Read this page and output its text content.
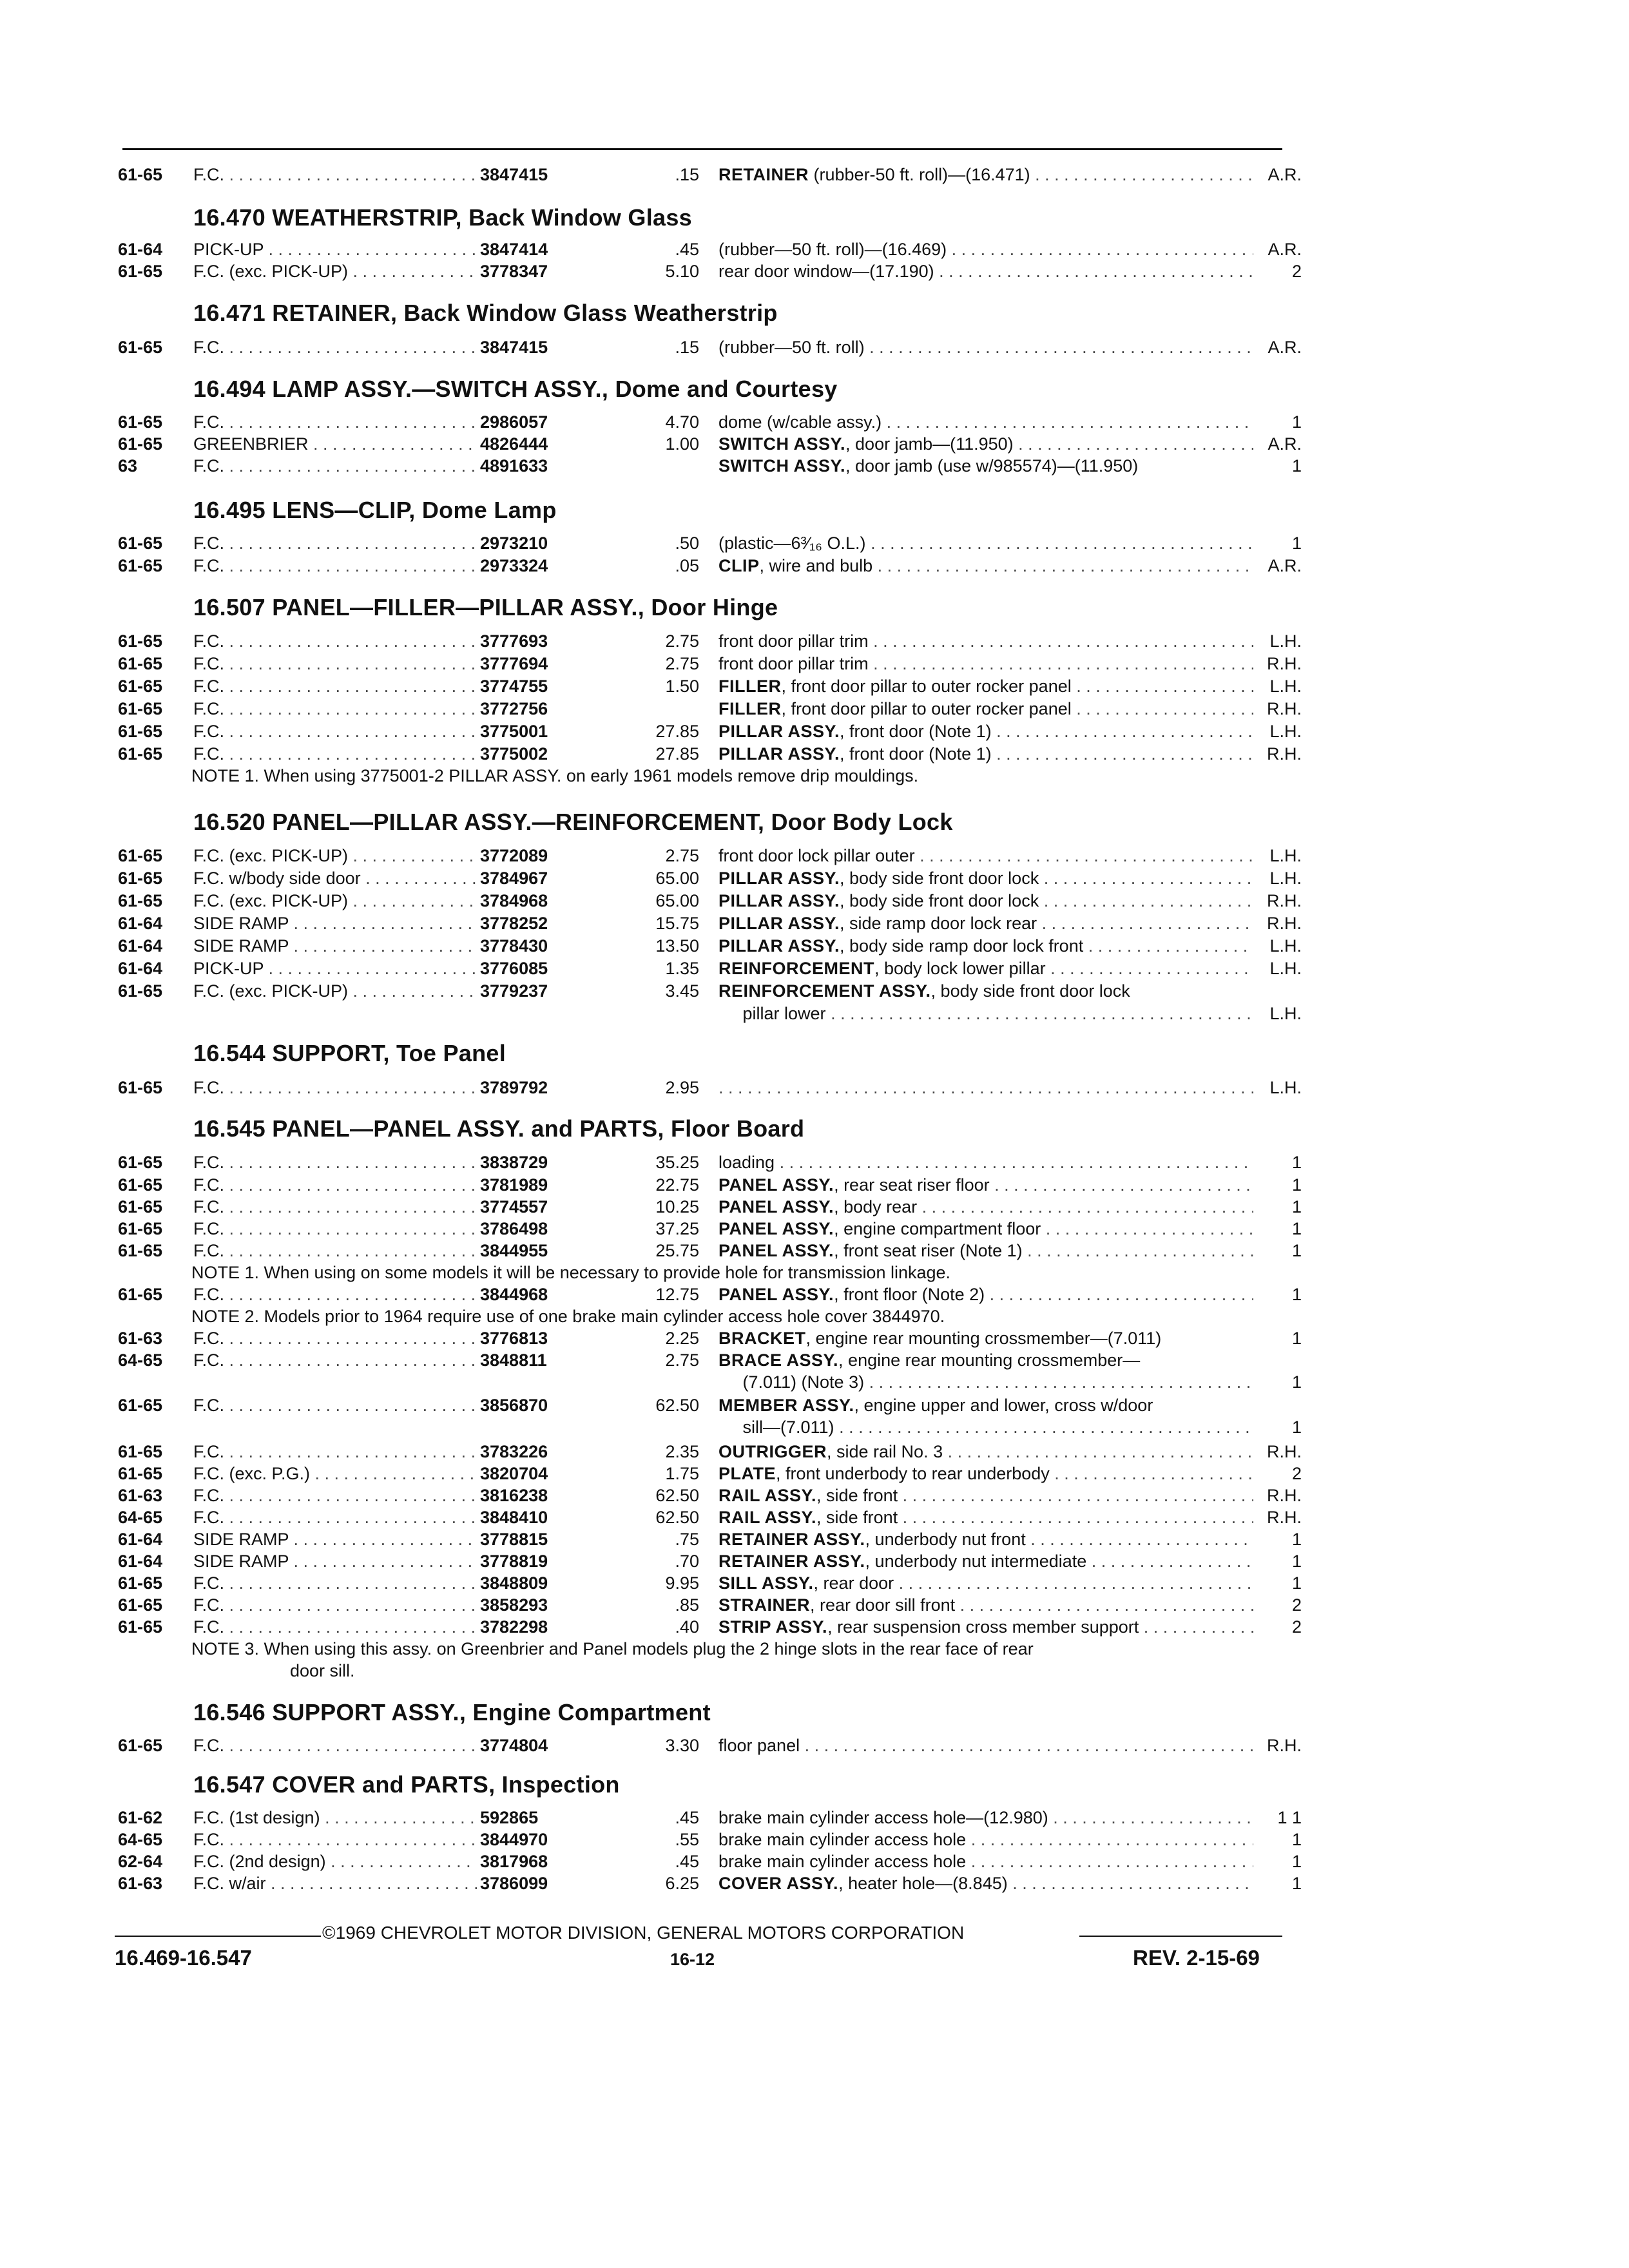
61-65	F.C. . . .	3847415	.15 RETAINER (rubber-50 ft. roll)—(16.471) . . .	A.R.
16.470 WEATHERSTRIP, Back Window Glass
61-64	PICK-UP . . .	3847414	.45 (rubber—50 ft. roll)—(16.469) . . .	A.R.
61-65	F.C. (exc. PICK-UP) . . .	3778347	5.10 rear door window—(17.190) . . .	2
16.471 RETAINER, Back Window Glass Weatherstrip
61-65	F.C. . . .	3847415	.15 (rubber—50 ft. roll) . . .	A.R.
16.494 LAMP ASSY.—SWITCH ASSY., Dome and Courtesy
61-65	F.C. . . .	2986057	4.70 dome (w/cable assy.) . . .	1
61-65	GREENBRIER . . .	4826444	1.00 SWITCH ASSY., door jamb—(11.950) . . .	A.R.
63	F.C. . . .	4891633	SWITCH ASSY., door jamb (use w/985574)—(11.950)	1
16.495 LENS—CLIP, Dome Lamp
61-65	F.C. . . .	2973210	.50 (plastic—6³⁄₁₆ O.L.) . . .	1
61-65	F.C. . . .	2973324	.05 CLIP, wire and bulb . . .	A.R.
16.507 PANEL—FILLER—PILLAR ASSY., Door Hinge
61-65	F.C. . . .	3777693	2.75 front door pillar trim . . .	L.H.
61-65	F.C. . . .	3777694	2.75 front door pillar trim . . .	R.H.
61-65	F.C. . . .	3774755	1.50 FILLER, front door pillar to outer rocker panel . . .	L.H.
61-65	F.C. . . .	3772756	FILLER, front door pillar to outer rocker panel . . .	R.H.
61-65	F.C. . . .	3775001	27.85 PILLAR ASSY., front door (Note 1) . . .	L.H.
61-65	F.C. . . .	3775002	27.85 PILLAR ASSY., front door (Note 1) . . .	R.H.
NOTE 1. When using 3775001-2 PILLAR ASSY. on early 1961 models remove drip mouldings.
16.520 PANEL—PILLAR ASSY.—REINFORCEMENT, Door Body Lock
61-65	F.C. (exc. PICK-UP) . . .	3772089	2.75 front door lock pillar outer . . .	L.H.
61-65	F.C. w/body side door . . .	3784967	65.00 PILLAR ASSY., body side front door lock . . .	L.H.
61-65	F.C. (exc. PICK-UP) . . .	3784968	65.00 PILLAR ASSY., body side front door lock . . .	R.H.
61-64	SIDE RAMP . . .	3778252	15.75 PILLAR ASSY., side ramp door lock rear . . .	R.H.
61-64	SIDE RAMP . . .	3778430	13.50 PILLAR ASSY., body side ramp door lock front . . .	L.H.
61-64	PICK-UP . . .	3776085	1.35 REINFORCEMENT, body lock lower pillar . . .	L.H.
61-65	F.C. (exc. PICK-UP) . . .	3779237	3.45 REINFORCEMENT ASSY., body side front door lock
pillar lower . . .	L.H.
16.544 SUPPORT, Toe Panel
61-65	F.C. . . .	3789792	2.95 . . .	L.H.
16.545 PANEL—PANEL ASSY. and PARTS, Floor Board
61-65	F.C. . . .	3838729	35.25 loading . . .	1
61-65	F.C. . . .	3781989	22.75 PANEL ASSY., rear seat riser floor . . .	1
61-65	F.C. . . .	3774557	10.25 PANEL ASSY., body rear . . .	1
61-65	F.C. . . .	3786498	37.25 PANEL ASSY., engine compartment floor . . .	1
61-65	F.C. . . .	3844955	25.75 PANEL ASSY., front seat riser (Note 1) . . .	1
NOTE 1. When using on some models it will be necessary to provide hole for transmission linkage.
61-65	F.C. . . .	3844968	12.75 PANEL ASSY., front floor (Note 2) . . .	1
NOTE 2. Models prior to 1964 require use of one brake main cylinder access hole cover 3844970.
61-63	F.C. . . .	3776813	2.25 BRACKET, engine rear mounting crossmember—(7.011)	1
64-65	F.C. . . .	3848811	2.75 BRACE ASSY., engine rear mounting crossmember—
(7.011) (Note 3) . . .	1
61-65	F.C. . . .	3856870	62.50 MEMBER ASSY., engine upper and lower, cross w/door
sill—(7.011) . . .	1
61-65	F.C. . . .	3783226	2.35 OUTRIGGER, side rail No. 3 . . .	R.H.
61-65	F.C. (exc. P.G.) . . .	3820704	1.75 PLATE, front underbody to rear underbody . . .	2
61-63	F.C. . . .	3816238	62.50 RAIL ASSY., side front . . .	R.H.
64-65	F.C. . . .	3848410	62.50 RAIL ASSY., side front . . .	R.H.
61-64	SIDE RAMP . . .	3778815	.75 RETAINER ASSY., underbody nut front . . .	1
61-64	SIDE RAMP . . .	3778819	.70 RETAINER ASSY., underbody nut intermediate . . .	1
61-65	F.C. . . .	3848809	9.95 SILL ASSY., rear door . . .	1
61-65	F.C. . . .	3858293	.85 STRAINER, rear door sill front . . .	2
61-65	F.C. . . .	3782298	.40 STRIP ASSY., rear suspension cross member support . . .	2
NOTE 3. When using this assy. on Greenbrier and Panel models plug the 2 hinge slots in the rear face of rear
door sill.
16.546 SUPPORT ASSY., Engine Compartment
61-65	F.C. . . .	3774804	3.30 floor panel . . .	R.H.
16.547 COVER and PARTS, Inspection
61-62	F.C. (1st design) . . .	592865	.45 brake main cylinder access hole—(12.980) . . .	1 1
64-65	F.C. . . .	3844970	.55 brake main cylinder access hole . . .	1
62-64	F.C. (2nd design) . . .	3817968	.45 brake main cylinder access hole . . .	1
61-63	F.C. w/air . . .	3786099	6.25 COVER ASSY., heater hole—(8.845) . . .	1
©1969 CHEVROLET MOTOR DIVISION, GENERAL MOTORS CORPORATION
16.469-16.547	16-12	REV. 2-15-69
